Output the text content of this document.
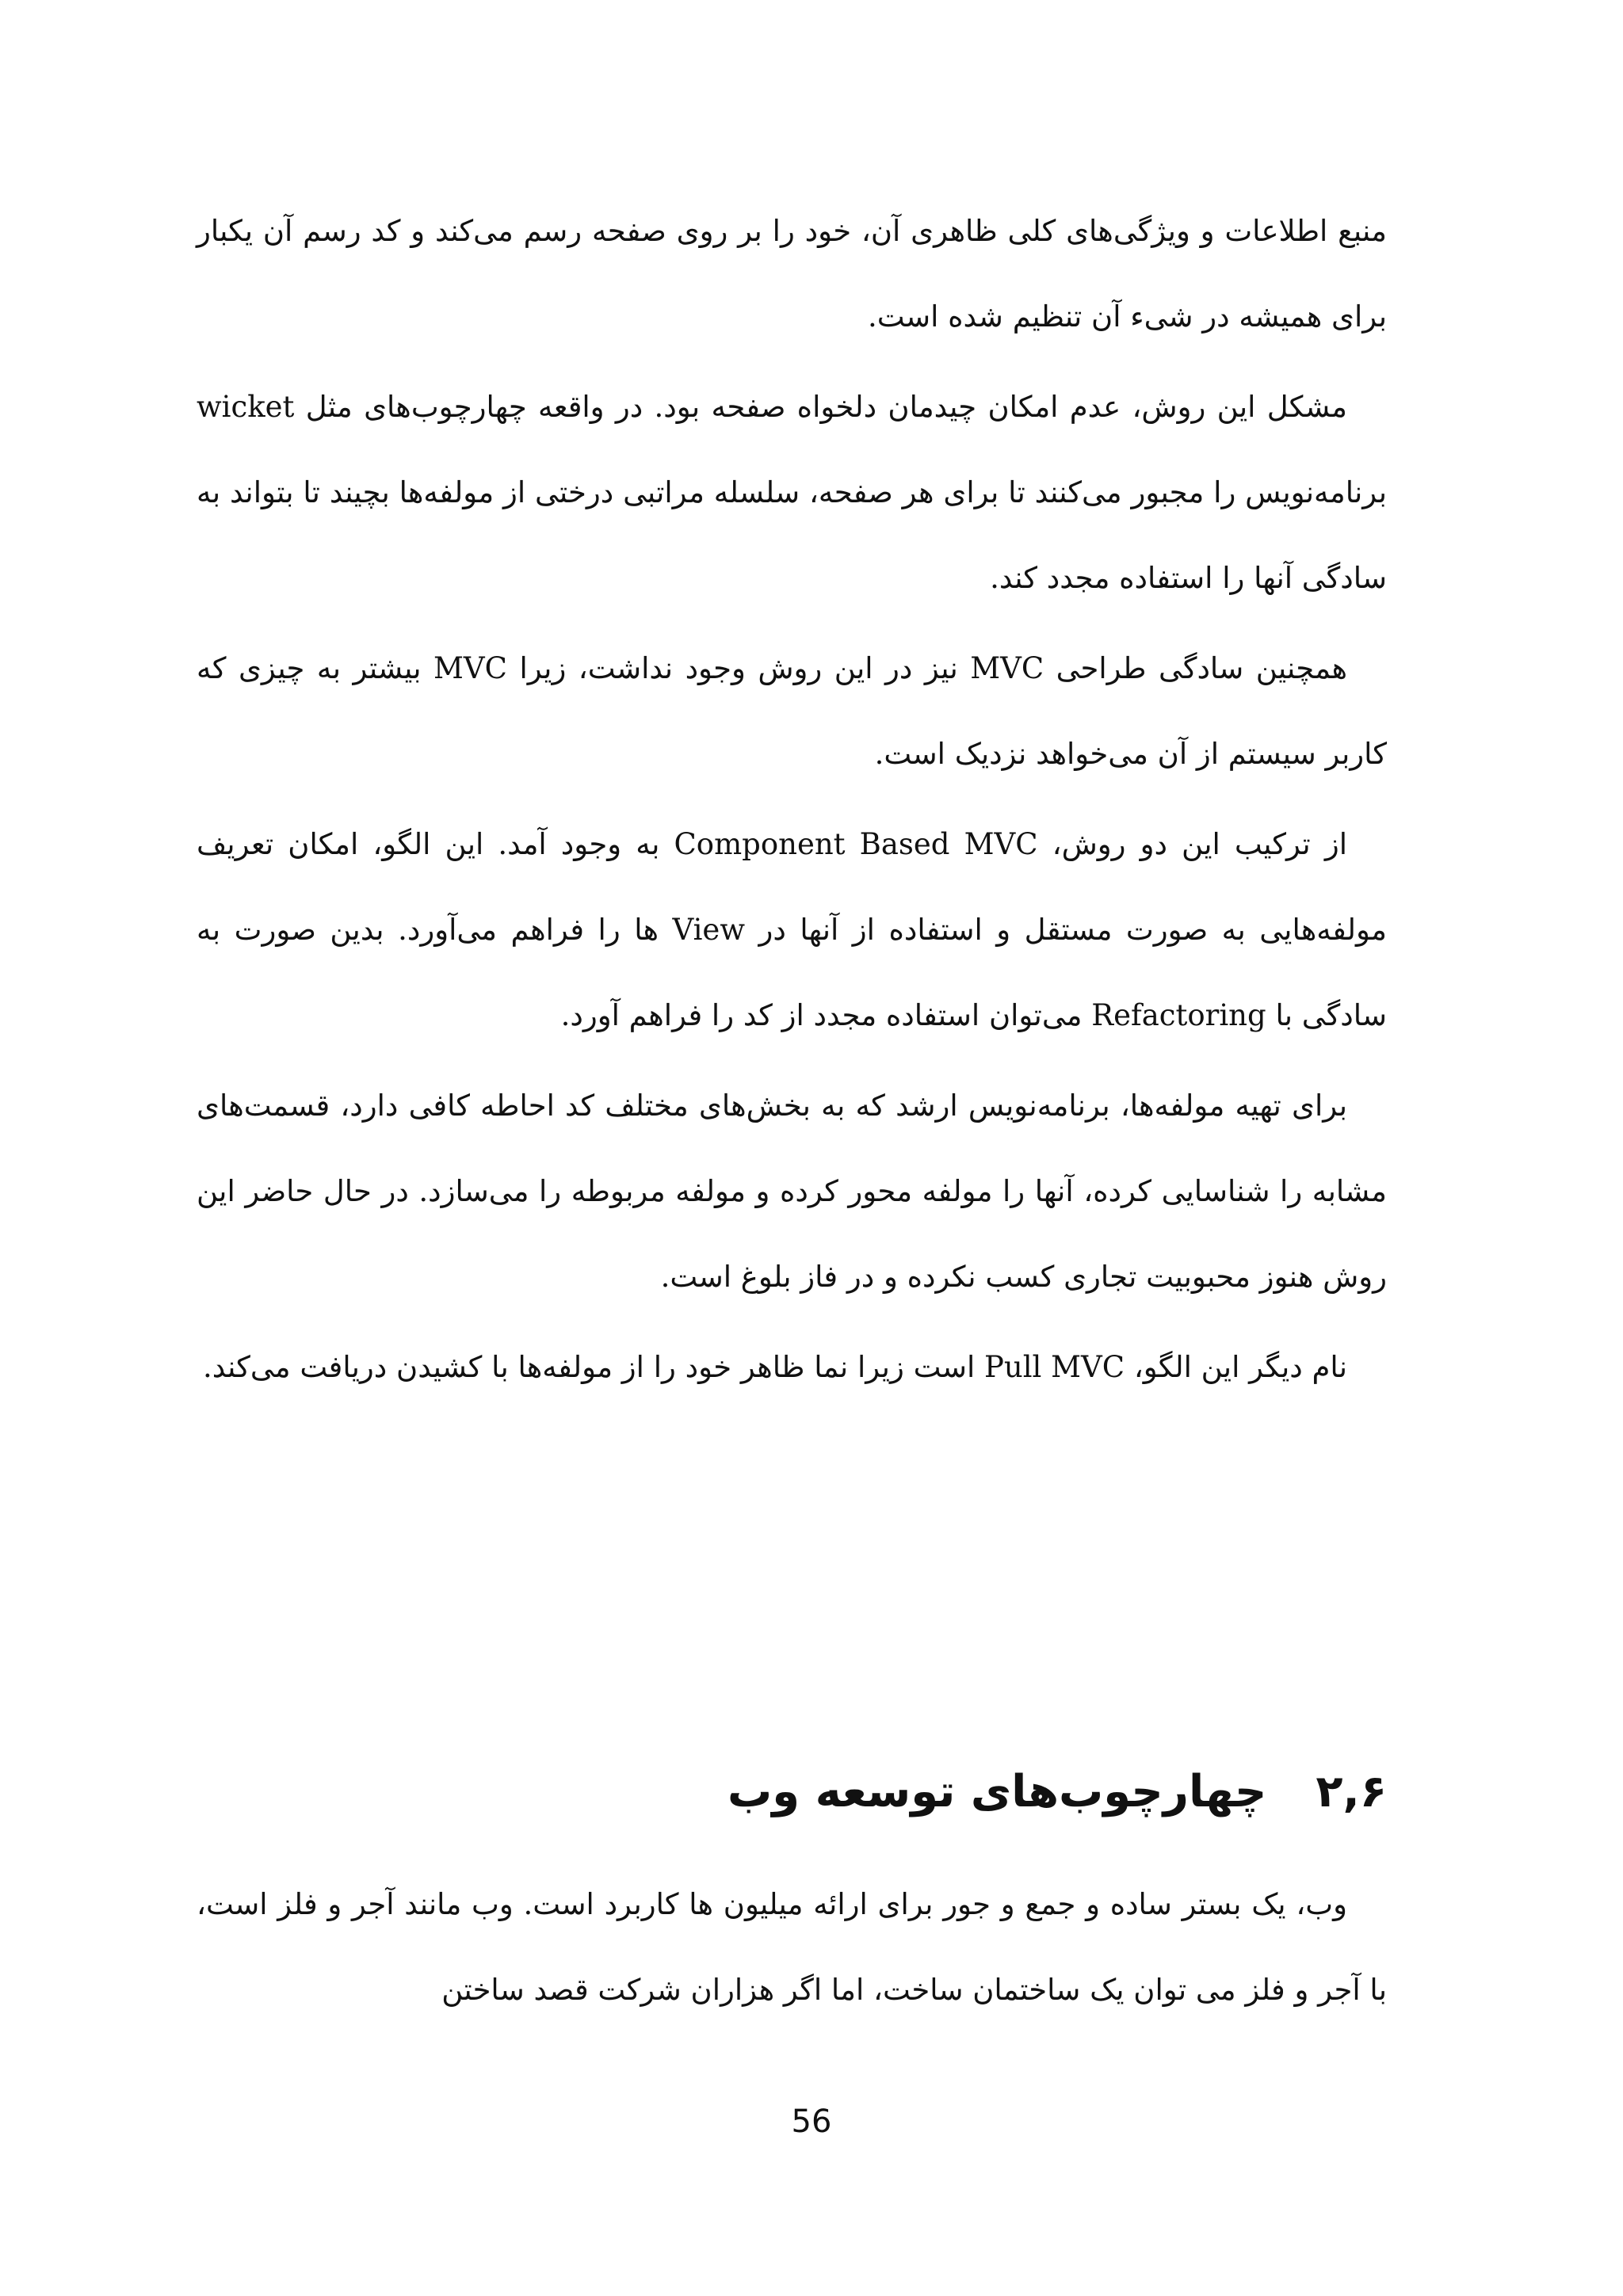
منبع اطلاعات و ویژگی‌های کلی ظاهری آن، خود را بر روی صفحه رسم می‌کند و کد رسم آن یکبار برای همیشه در شیء آن تنظیم شده است.

مشکل این روش، عدم امکان چیدمان دلخواه صفحه بود. در واقعه چهارچوب‌های مثل wicket برنامه‌نویس را مجبور می‌کنند تا برای هر صفحه، سلسله مراتبی درختی از مولفه‌ها بچیند تا بتواند به سادگی آنها را استفاده مجدد کند.

همچنین سادگی طراحی MVC نیز در این روش وجود نداشت، زیرا MVC بیشتر به چیزی که کاربر سیستم از آن می‌خواهد نزدیک است.

از ترکیب این دو روش، Component Based MVC به وجود آمد. این الگو، امکان تعریف مولفه‌هایی به صورت مستقل و استفاده از آنها در View ها را فراهم می‌آورد. بدین صورت به سادگی با Refactoring می‌توان استفاده مجدد از کد را فراهم آورد.

برای تهیه مولفه‌ها، برنامه‌نویس ارشد که به بخش‌های مختلف کد احاطه کافی دارد، قسمت‌های مشابه را شناسایی کرده، آنها را مولفه محور کرده و مولفه مربوطه را می‌سازد. در حال حاضر این روش هنوز محبوبیت تجاری کسب نکرده و در فاز بلوغ است.

نام دیگر این الگو، Pull MVC است زیرا نما ظاهر خود را از مولفه‌ها با کشیدن دریافت می‌کند.

۲,۶چهارچوب‌های توسعه وب

وب، یک بستر ساده و جمع و جور برای ارائه میلیون ها کاربرد است. وب مانند آجر و فلز است، با آجر و فلز می توان یک ساختمان ساخت، اما اگر هزاران شرکت قصد ساختن

56
